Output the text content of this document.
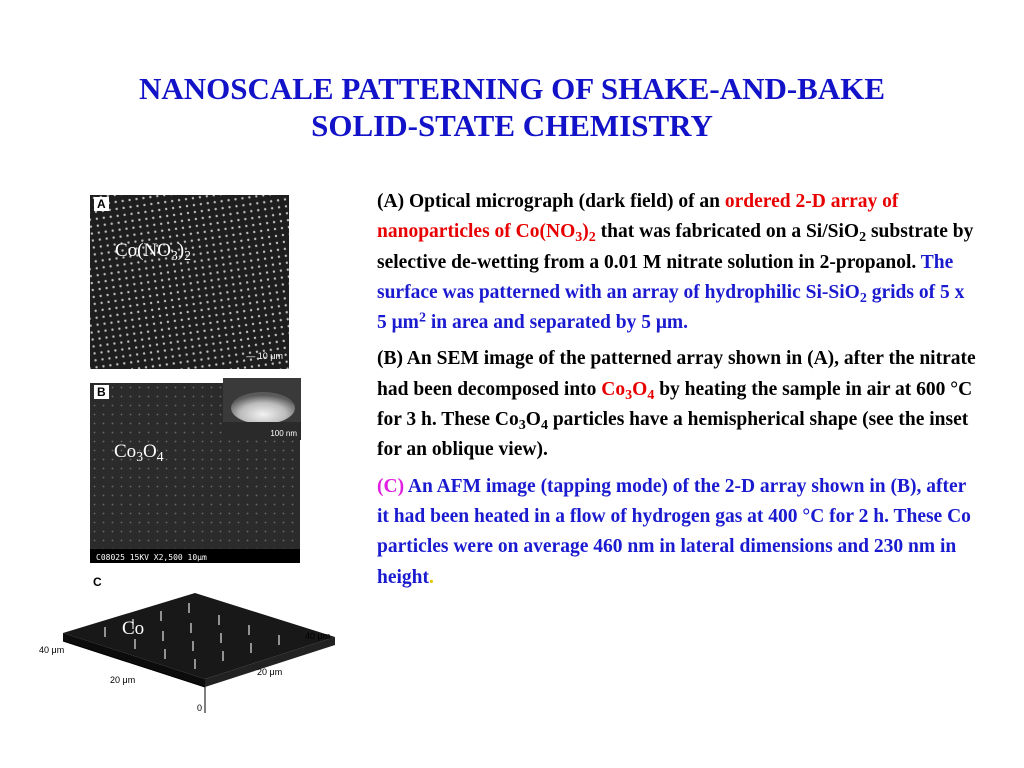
NANOSCALE PATTERNING OF SHAKE-AND-BAKE
SOLID-STATE CHEMISTRY
A
$Co(NO_3)_2$
— 10 μm
B
$Co_3O_4$
C08025 15KV X2,500 10μm
100 nm
C
Co
40 μm
20 μm
40 μm
20 μm
0

(A) Optical micrograph (dark field) of an ordered 2-D array of nanoparticles of $Co(NO_3)_2$ that was fabricated on a Si/SiO$_2$ substrate by selective de-wetting from a 0.01 M nitrate solution in 2-propanol. The surface was patterned with an array of hydrophilic Si-SiO$_2$ grids of 5 x 5 $\mu m^2$ in area and separated by 5 μm.

(B) An SEM image of the patterned array shown in (A), after the nitrate had been decomposed into $Co_3O_4$ by heating the sample in air at 600 °C for 3 h. These $Co_3O_4$ particles have a hemispherical shape (see the inset for an oblique view).

(C) An AFM image (tapping mode) of the 2-D array shown in (B), after it had been heated in a flow of hydrogen gas at 400 °C for 2 h. These Co particles were on average 460 nm in lateral dimensions and 230 nm in height.
